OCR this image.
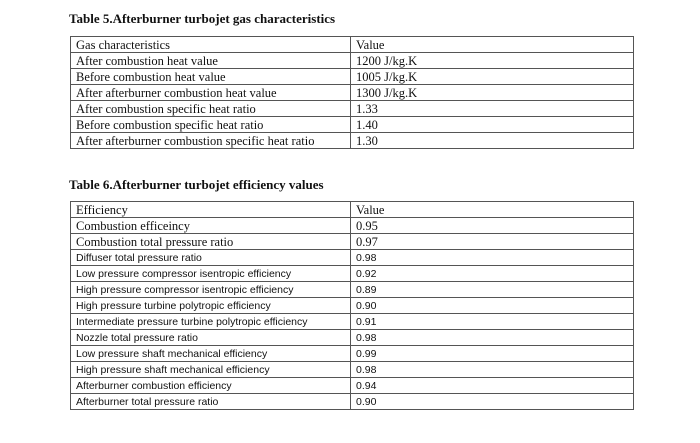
Table 5.Afterburner turbojet gas characteristics
Gas characteristics	Value
After combustion heat value	1200 J/kg.K
Before combustion heat value	1005 J/kg.K
After afterburner combustion heat value	1300 J/kg.K
After combustion specific heat ratio	1.33
Before combustion specific heat ratio	1.40
After afterburner combustion specific heat ratio	1.30
Table 6.Afterburner turbojet efficiency values
Efficiency	Value
Combustion efficeincy	0.95
Combustion total pressure ratio	0.97
Diffuser total pressure ratio	0.98
Low pressure compressor isentropic efficiency	0.92
High pressure compressor isentropic efficiency	0.89
High pressure turbine polytropic efficiency	0.90
Intermediate pressure turbine polytropic efficiency	0.91
Nozzle total pressure ratio	0.98
Low pressure shaft mechanical efficiency	0.99
High pressure shaft mechanical efficiency	0.98
Afterburner combustion efficiency	0.94
Afterburner total pressure ratio	0.90
